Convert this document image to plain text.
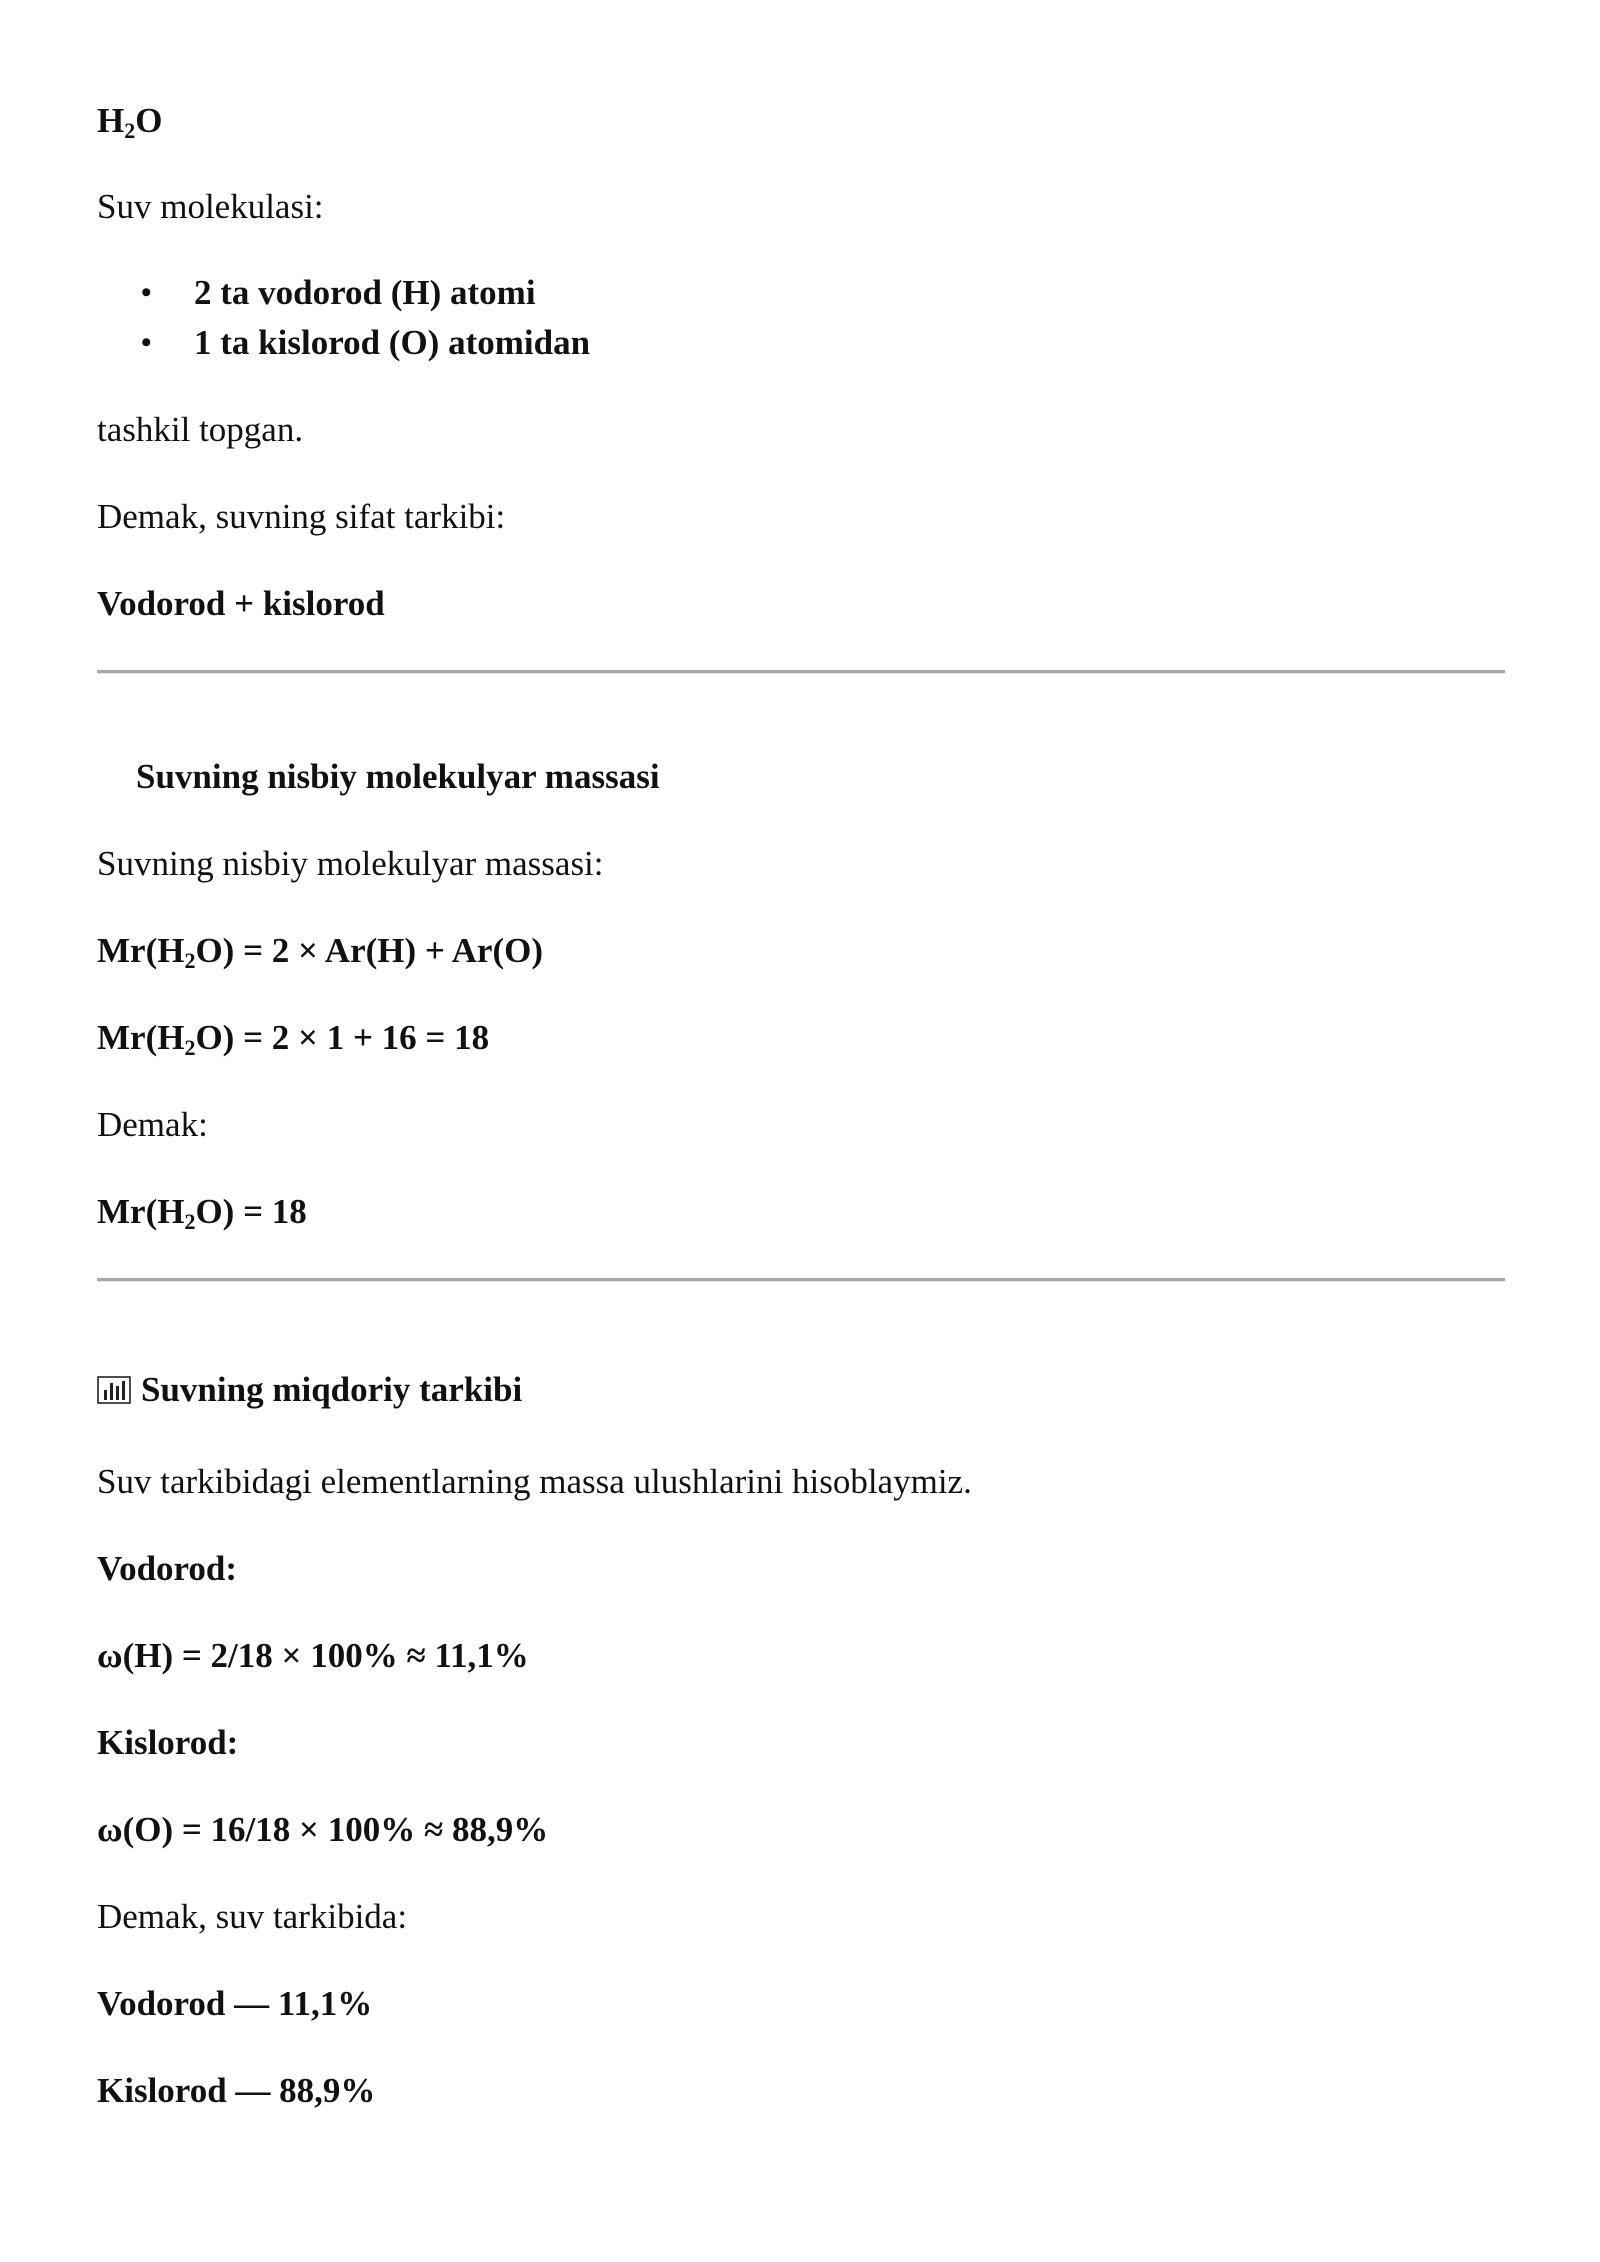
$H_2O$
Suv molekulasi:
• 2 ta vodorod (H) atomi
• 1 ta kislorod (O) atomidan
tashkil topgan.
Demak, suvning sifat tarkibi:
Vodorod + kislorod
Suvning nisbiy molekulyar massasi
Suvning nisbiy molekulyar massasi:
$Mr(H_2O) = 2 \times Ar(H) + Ar(O)$
$Mr(H_2O) = 2 \times 1 + 16 = 18$
Demak:
$Mr(H_2O) = 18$
Suvning miqdoriy tarkibi
Suv tarkibidagi elementlarning massa ulushlarini hisoblaymiz.
Vodorod:
ω(H) = 2/18 × 100% ≈ 11,1%
Kislorod:
ω(O) = 16/18 × 100% ≈ 88,9%
Demak, suv tarkibida:
Vodorod — 11,1%
Kislorod — 88,9%
